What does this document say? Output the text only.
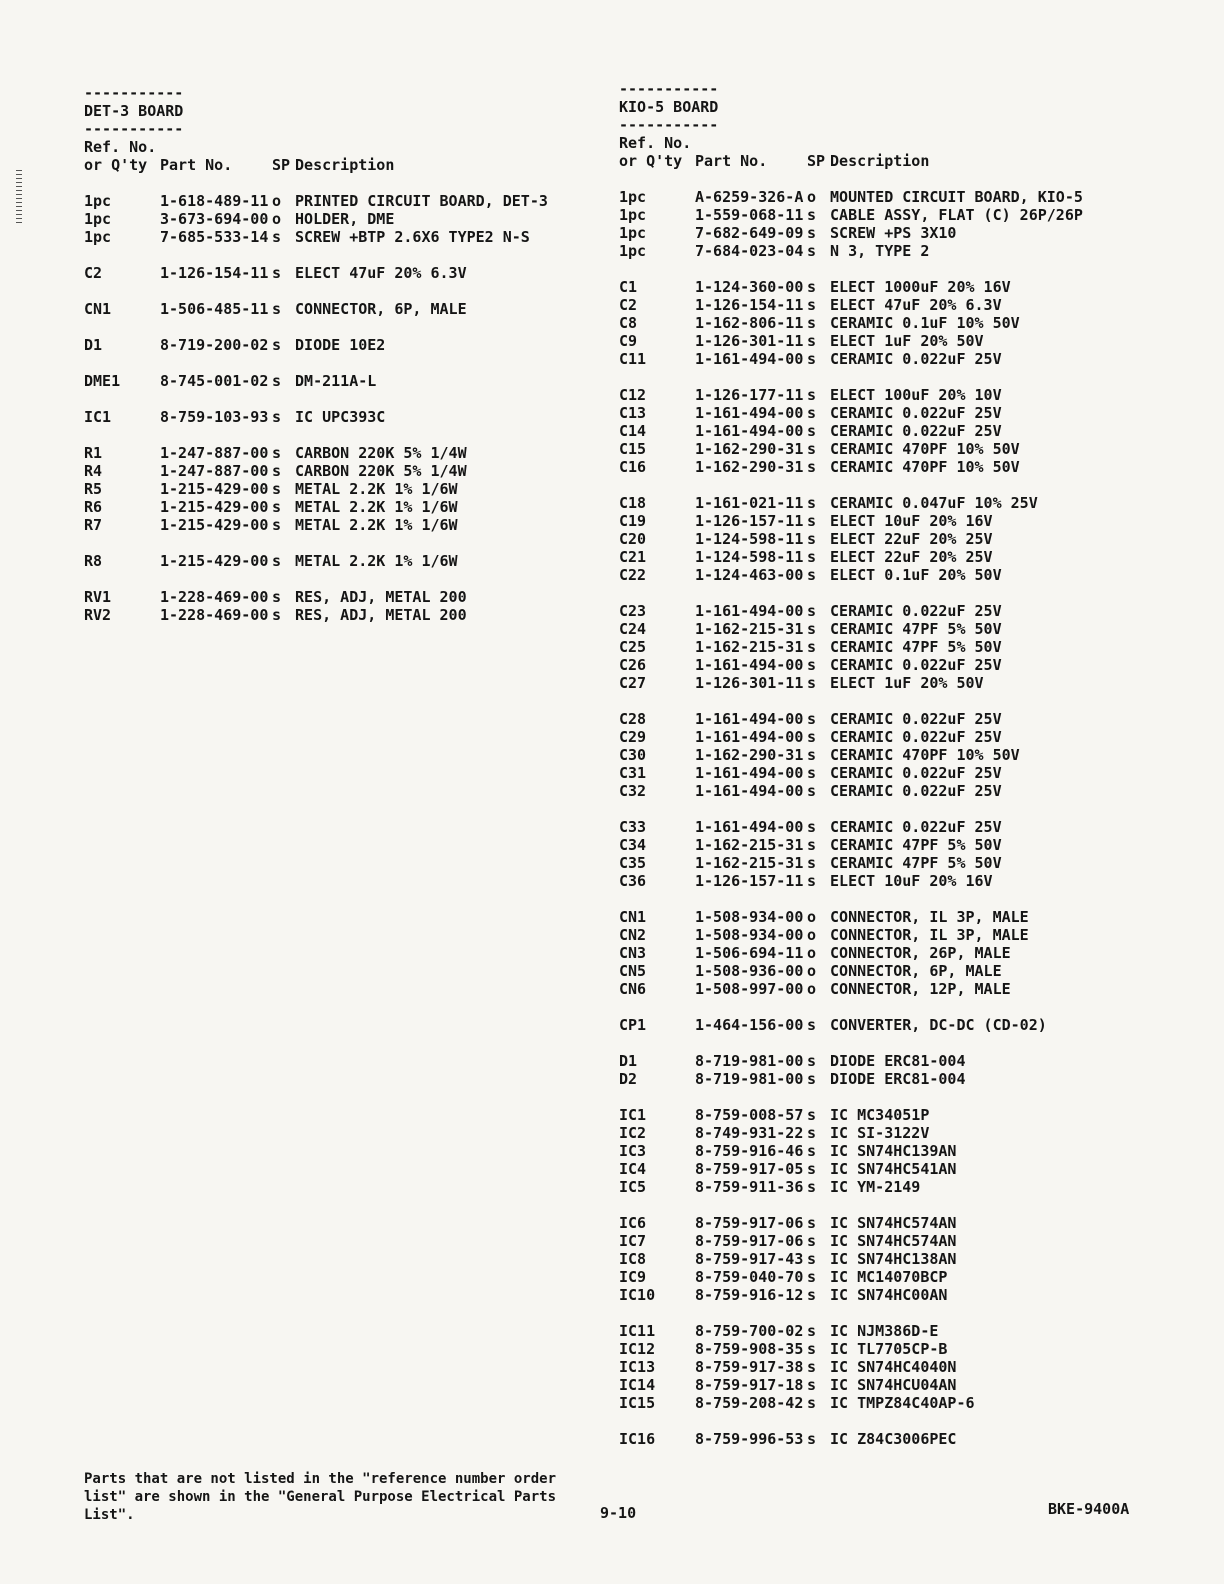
-----------
DET-3 BOARD
-----------
Ref. No.
or Q'ty Part No.	SP Description
1pc	1-618-489-11 o PRINTED CIRCUIT BOARD, DET-3
1pc	3-673-694-00 o HOLDER, DME
1pc	7-685-533-14 s SCREW +BTP 2.6X6 TYPE2 N-S
C2	1-126-154-11 s ELECT 47uF 20% 6.3V
CN1	1-506-485-11 s CONNECTOR, 6P, MALE
D1	8-719-200-02 s DIODE 10E2
DME1	8-745-001-02 s DM-211A-L
IC1	8-759-103-93 s IC UPC393C
R1	1-247-887-00 s CARBON 220K 5% 1/4W
R4	1-247-887-00 s CARBON 220K 5% 1/4W
R5	1-215-429-00 s METAL 2.2K 1% 1/6W
R6	1-215-429-00 s METAL 2.2K 1% 1/6W
R7	1-215-429-00 s METAL 2.2K 1% 1/6W
R8	1-215-429-00 s METAL 2.2K 1% 1/6W
RV1	1-228-469-00 s RES, ADJ, METAL 200
RV2	1-228-469-00 s RES, ADJ, METAL 200
-----------
KIO-5 BOARD
-----------
Ref. No.
or Q'ty Part No.	SP Description
1pc	A-6259-326-A o MOUNTED CIRCUIT BOARD, KIO-5
1pc	1-559-068-11 s CABLE ASSY, FLAT (C) 26P/26P
1pc	7-682-649-09 s SCREW +PS 3X10
1pc	7-684-023-04 s N 3, TYPE 2
C1	1-124-360-00 s ELECT 1000uF 20% 16V
C2	1-126-154-11 s ELECT 47uF 20% 6.3V
C8	1-162-806-11 s CERAMIC 0.1uF 10% 50V
C9	1-126-301-11 s ELECT 1uF 20% 50V
C11	1-161-494-00 s CERAMIC 0.022uF 25V
C12	1-126-177-11 s ELECT 100uF 20% 10V
C13	1-161-494-00 s CERAMIC 0.022uF 25V
C14	1-161-494-00 s CERAMIC 0.022uF 25V
C15	1-162-290-31 s CERAMIC 470PF 10% 50V
C16	1-162-290-31 s CERAMIC 470PF 10% 50V
C18	1-161-021-11 s CERAMIC 0.047uF 10% 25V
C19	1-126-157-11 s ELECT 10uF 20% 16V
C20	1-124-598-11 s ELECT 22uF 20% 25V
C21	1-124-598-11 s ELECT 22uF 20% 25V
C22	1-124-463-00 s ELECT 0.1uF 20% 50V
C23	1-161-494-00 s CERAMIC 0.022uF 25V
C24	1-162-215-31 s CERAMIC 47PF 5% 50V
C25	1-162-215-31 s CERAMIC 47PF 5% 50V
C26	1-161-494-00 s CERAMIC 0.022uF 25V
C27	1-126-301-11 s ELECT 1uF 20% 50V
C28	1-161-494-00 s CERAMIC 0.022uF 25V
C29	1-161-494-00 s CERAMIC 0.022uF 25V
C30	1-162-290-31 s CERAMIC 470PF 10% 50V
C31	1-161-494-00 s CERAMIC 0.022uF 25V
C32	1-161-494-00 s CERAMIC 0.022uF 25V
C33	1-161-494-00 s CERAMIC 0.022uF 25V
C34	1-162-215-31 s CERAMIC 47PF 5% 50V
C35	1-162-215-31 s CERAMIC 47PF 5% 50V
C36	1-126-157-11 s ELECT 10uF 20% 16V
CN1	1-508-934-00 o CONNECTOR, IL 3P, MALE
CN2	1-508-934-00 o CONNECTOR, IL 3P, MALE
CN3	1-506-694-11 o CONNECTOR, 26P, MALE
CN5	1-508-936-00 o CONNECTOR, 6P, MALE
CN6	1-508-997-00 o CONNECTOR, 12P, MALE
CP1	1-464-156-00 s CONVERTER, DC-DC (CD-02)
D1	8-719-981-00 s DIODE ERC81-004
D2	8-719-981-00 s DIODE ERC81-004
IC1	8-759-008-57 s IC MC34051P
IC2	8-749-931-22 s IC SI-3122V
IC3	8-759-916-46 s IC SN74HC139AN
IC4	8-759-917-05 s IC SN74HC541AN
IC5	8-759-911-36 s IC YM-2149
IC6	8-759-917-06 s IC SN74HC574AN
IC7	8-759-917-06 s IC SN74HC574AN
IC8	8-759-917-43 s IC SN74HC138AN
IC9	8-759-040-70 s IC MC14070BCP
IC10	8-759-916-12 s IC SN74HC00AN
IC11	8-759-700-02 s IC NJM386D-E
IC12	8-759-908-35 s IC TL7705CP-B
IC13	8-759-917-38 s IC SN74HC4040N
IC14	8-759-917-18 s IC SN74HCU04AN
IC15	8-759-208-42 s IC TMPZ84C40AP-6
IC16	8-759-996-53 s IC Z84C3006PEC
Parts that are not listed in the "reference number order
list" are shown in the "General Purpose Electrical Parts
List".	9-10	BKE-9400A
